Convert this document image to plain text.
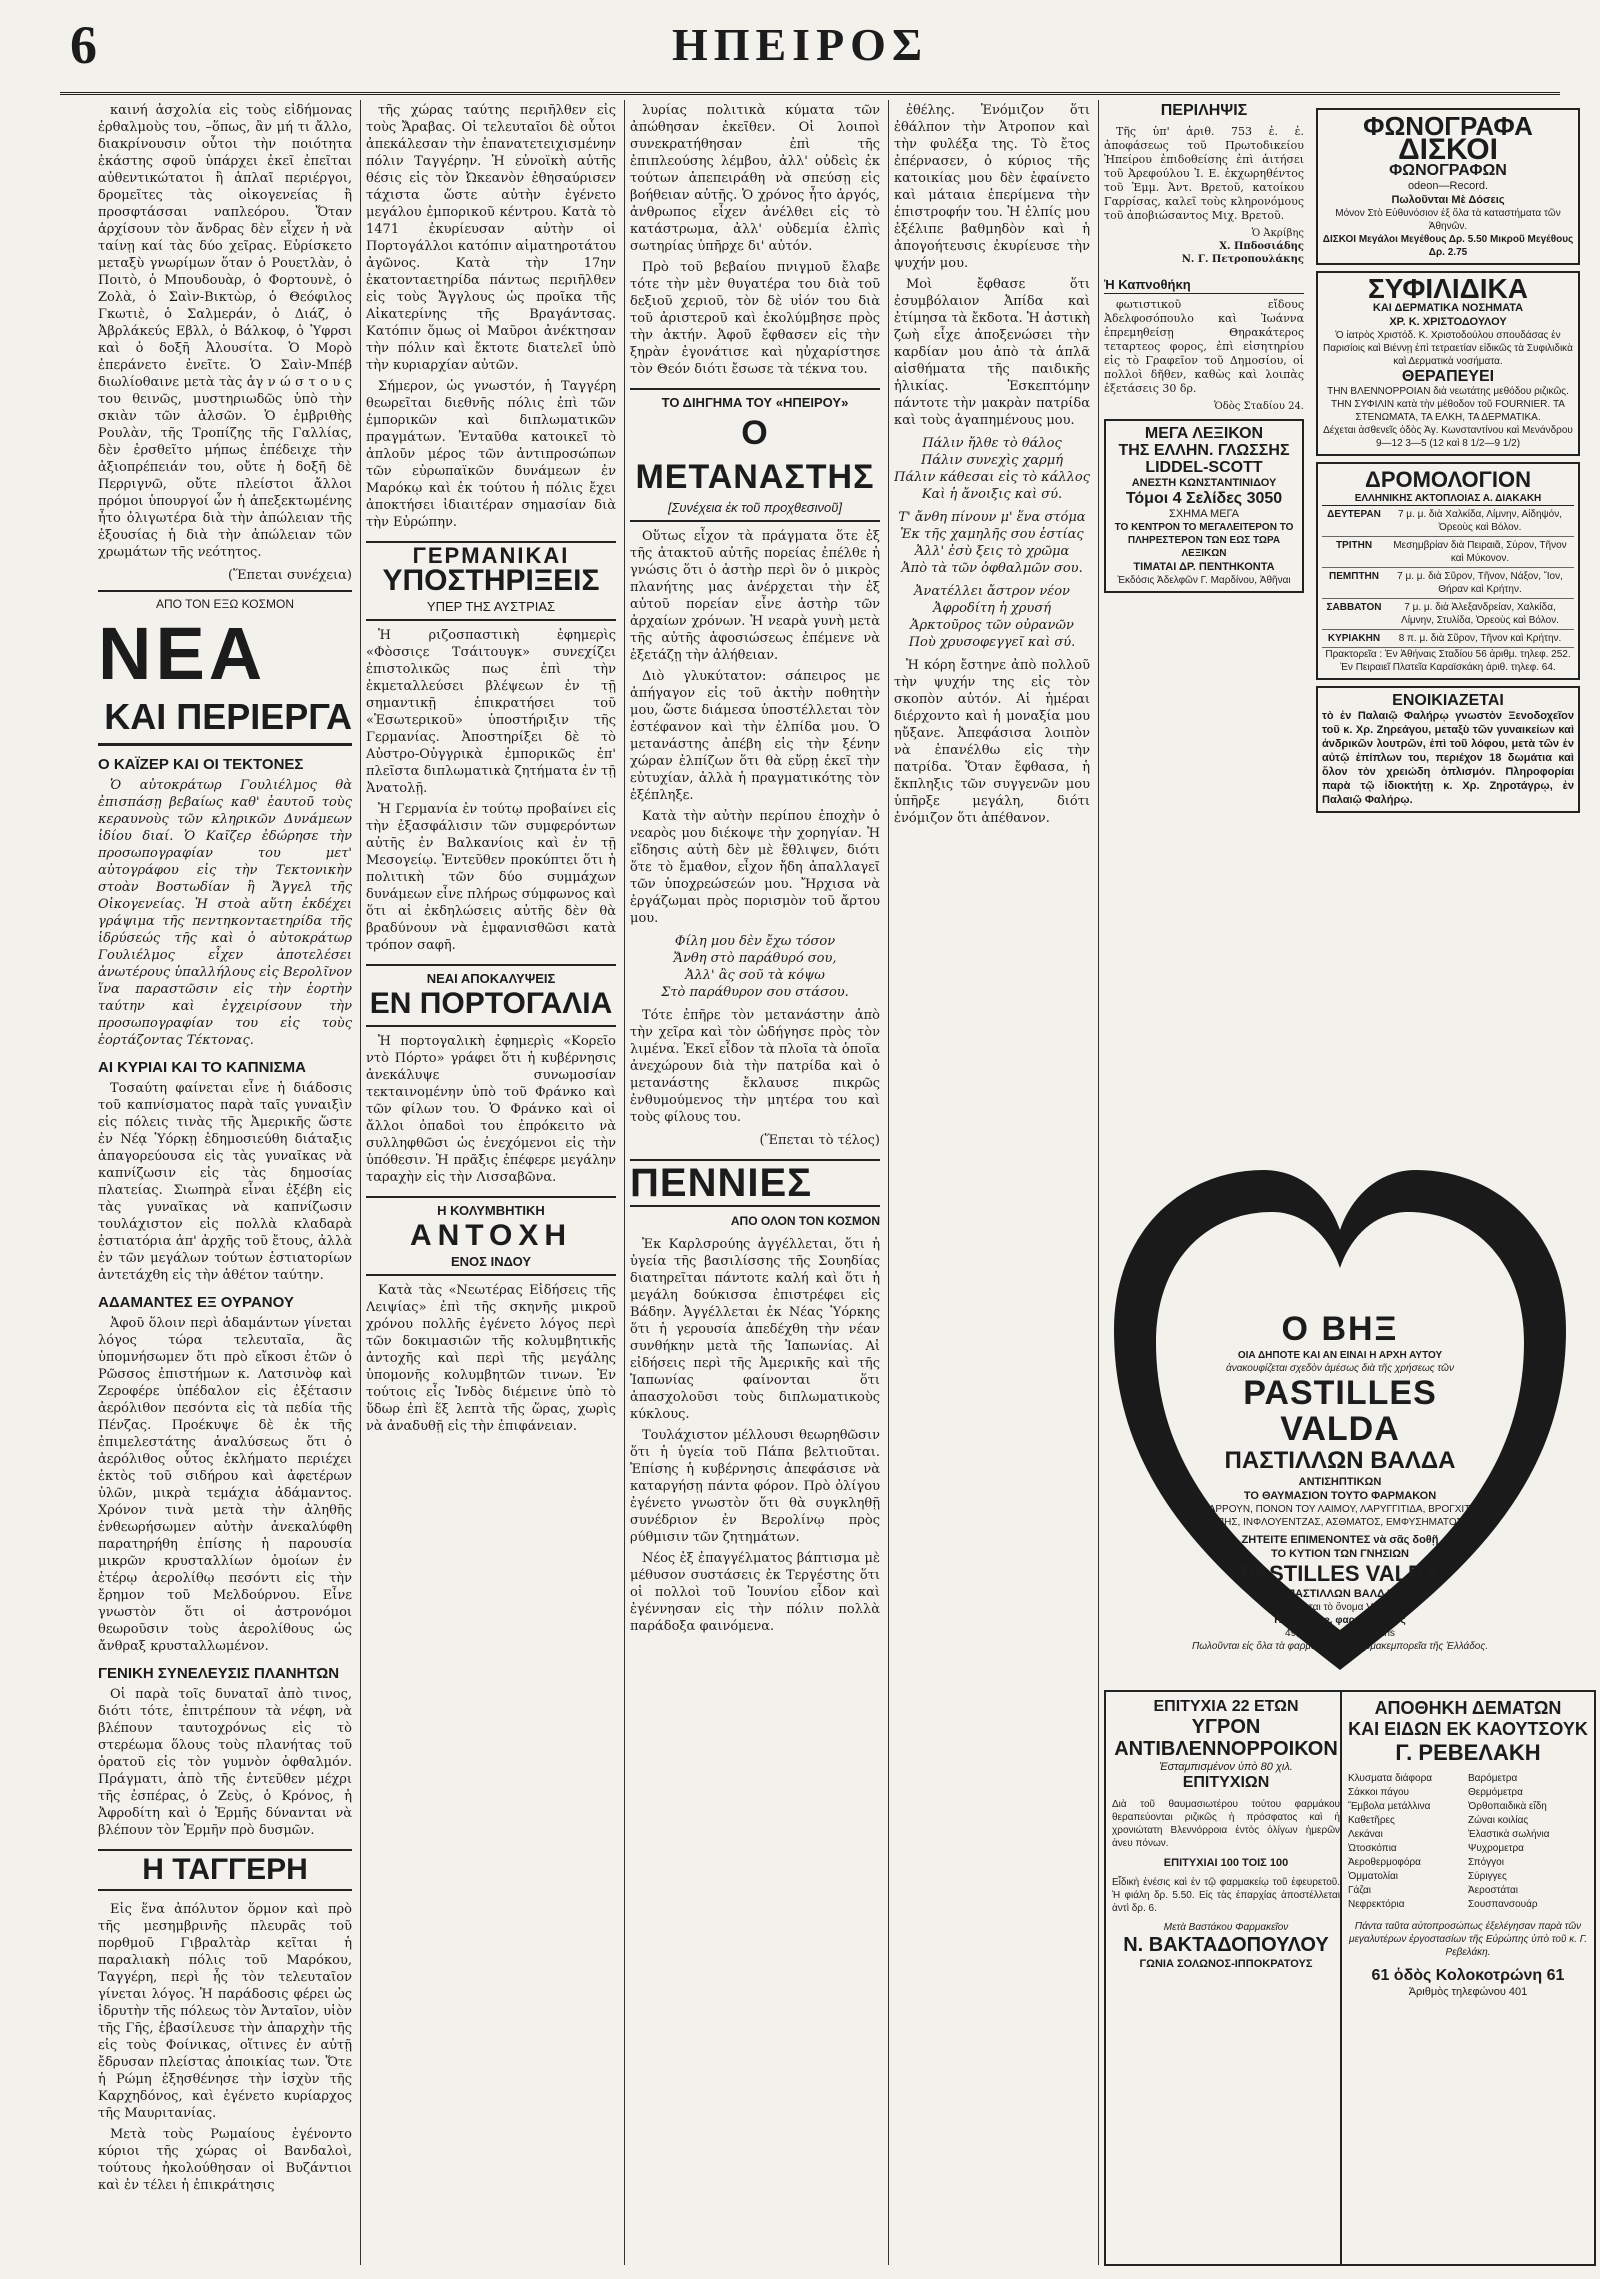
6	ΗΠΕΙΡΟΣ

καινή ἀσχολία εἰς τοὺς εἰδήμονας ἐρθαλμοὺς του, –ὅπως, ἂν μή τι ἄλλο, διακρίνουσιν οὗτοι τὴν ποιότητα ἑκάστης σφοῦ ὑπάρχει ἐκεῖ ἐπεῖται αὐθεντικώτατοι ἢ ἁπλαῖ περιέργοι, δρομεῖτες τὰς οἰκογενείας ἢ προσφτάσσαι ναπλεόρου. Ὅταν ἀρχίσουν τὸν ἄνδρας δὲν εἶχεν ἡ νὰ ταίνῃ καί τὰς δύο χεῖρας. Εὑρίσκετο μεταξὺ γνωρίμων ὅταν ὁ Ρουετλὰν, ὁ Ποιτὸ, ὁ Μπουδουὰρ, ὁ Φορτουνὲ, ὁ Ζολὰ, ὁ Σαὶν-Βικτὼρ, ὁ Θεόφιλος Γκωτιὲ, ὁ Σαλμεράν, ὁ Διάζ, ὁ Ἀβρλάκεύς Εβλλ, ὁ Βάλκοφ, ὁ Ὑφρσι καὶ ὁ δοξῆ Ἀλουσίτα. Ὁ Μορὸ ἐπεράνετο ἐνεῖτε. Ὁ Σαὶν-Μπέβ διωλίοθαινε μετὰ τὰς ἀγ ν ώ σ τ ο υ ς του θεινῶς, μυστηριωδῶς ὑπὸ τὴν σκιὰν τῶν ἀλσῶν. Ὁ ἐμβριθὴς Ρουλὰν, τῆς Τροπίζης τῆς Γαλλίας, δὲν ἐρσθεῖτο μήπως ἐπέδειχε τὴν ἀξιοπρέπειάν του, οὔτε ἡ δοξῆ δὲ Περριγνῶ, οὔτε πλείστοι ἄλλοι πρόμοι ὑπουργοί ὧν ἡ ἀπεξεκτωμένης ἦτο ὀλιγωτέρα διὰ τὴν ἀπώλειαν τῆς ἐξουσίας ἡ διὰ τὴν ἀπώλειαν τῶν χρωμάτων τῆς νεότητος.

(Ἕπεται συνέχεια)
ΑΠΟ ΤΟΝ ΕΞΩ ΚΟΣΜΟΝ
ΝΕΑ
ΚΑΙ ΠΕΡΙΕΡΓΑ
Ο ΚΑΪΖΕΡ ΚΑΙ ΟΙ ΤΕΚΤΟΝΕΣ

Ὁ αὐτοκράτωρ Γουλιέλμος θὰ ἐπισπάσῃ βεβαίως καθ' ἑαυτοῦ τοὺς κεραυνοὺς τῶν κληρικῶν Δυνάμεων ἰδίου διαί. Ὁ Καῖζερ ἐδώρησε τὴν προσωπογραφίαν του μετ' αὐτογράφου εἰς τὴν Τεκτονικὴν στοὰν Βοστωδίαν ἢ Ἄγγελ τῆς Οἰκογενείας. Ἡ στοὰ αὕτη ἐκδέχει γράψιμα τῆς πεντηκονταετηρίδα τῆς ἱδρύσεώς τῆς καὶ ὁ αὐτοκράτωρ Γουλιέλμος εἶχεν ἀποτελέσει ἀνωτέρους ὑπαλλήλους εἰς Βερολῖνον ἵνα παραστῶσιν εἰς τὴν ἑορτὴν ταύτην καὶ ἐγχειρίσουν τὴν προσωπογραφίαν του εἰς τοὺς ἑορτάζοντας Τέκτονας.

ΑΙ ΚΥΡΙΑΙ ΚΑΙ ΤΟ ΚΑΠΝΙΣΜΑ

Τοσαύτη φαίνεται εἶνε ἡ διάδοσις τοῦ καπνίσματος παρὰ ταῖς γυναιξὶν εἰς πόλεις τινὰς τῆς Ἀμερικῆς ὥστε ἐν Νέᾳ Ὑόρκῃ ἐδημοσιεύθη διάταξις ἀπαγορεύουσα εἰς τὰς γυναῖκας νὰ καπνίζωσιν εἰς τὰς δημοσίας πλατείας. Σιωπηρὰ εἶναι ἐξέβη εἰς τὰς γυναῖκας νὰ καπνίζωσιν τουλάχιστον εἰς πολλὰ κλαδαρὰ ἑστιατόρια ἀπ' ἀρχῆς τοῦ ἔτους, ἀλλὰ ἐν τῶν μεγάλων τούτων ἑστιατορίων ἀντετάχθη εἰς τὴν ἀθέτον ταύτην.

ΑΔΑΜΑΝΤΕΣ ΕΞ ΟΥΡΑΝΟΥ

Ἀφοῦ ὅλοιν περὶ ἀδαμάντων γίνεται λόγος τώρα τελευταῖα, ἂς ὑπομνήσωμεν ὅτι πρὸ εἴκοσι ἐτῶν ὁ Ρῶσσος ἐπιστήμων κ. Λατσινὸφ καὶ Ζεροφέρε ὑπέδαλον εἰς ἐξέτασιν ἀερόλιθον πεσόντα εἰς τὰ πεδία τῆς Πένζας. Προέκυψε δὲ ἐκ τῆς ἐπιμελεστάτης ἀναλύσεως ὅτι ὁ ἀερόλιθος οὗτος ἐκλήματο περιέχει ἐκτὸς τοῦ σιδήρου καὶ ἀφετέρων ὑλῶν, μικρὰ τεμάχια ἀδάμαντος. Χρόνον τινὰ μετὰ τὴν ἀληθῆς ἐνθεωρήσωμεν αὐτὴν ἀνεκαλύφθη παρατηρήθη ἐπίσης ἡ παρουσία μικρῶν κρυσταλλίων ὁμοίων ἐν ἑτέρῳ ἀερολίθῳ πεσόντι εἰς τὴν ἔρημον τοῦ Μελδούρνου. Εἶνε γνωστὸν ὅτι οἱ ἀστρονόμοι θεωροῦσιν τοὺς ἀερολίθους ὡς ἄνθραξ κρυσταλλωμένον.

ΓΕΝΙΚΗ ΣΥΝΕΛΕΥΣΙΣ ΠΛΑΝΗΤΩΝ

Οἱ παρὰ τοῖς δυναταῖ ἀπὸ τινος, διότι τότε, ἐπιτρέπουν τὰ νέφη, νὰ βλέπουν ταυτοχρόνως εἰς τὸ στερέωμα ὅλους τοὺς πλανήτας τοῦ ὁρατοῦ εἰς τὸν γυμνὸν ὀφθαλμόν. Πράγματι, ἀπὸ τῆς ἐντεῦθεν μέχρι τῆς ἐσπέρας, ὁ Ζεὺς, ὁ Κρόνος, ἡ Ἀφροδίτη καὶ ὁ Ἑρμῆς δύνανται νὰ βλέπουν τὸν Ἑρμῆν πρὸ δυσμῶν.

Η ΤΑΓΓΕΡΗ

Εἰς ἕνα ἀπόλυτον ὅρμον καὶ πρὸ τῆς μεσημβρινῆς πλευρᾶς τοῦ πορθμοῦ Γιβραλτὰρ κεῖται ἡ παραλιακὴ πόλις τοῦ Μαρόκου, Ταγγέρη, περὶ ἧς τὸν τελευταῖον γίνεται λόγος. Ἡ παράδοσις φέρει ὡς ἱδρυτὴν τῆς πόλεως τὸν Ἀνταῖον, υἱὸν τῆς Γῆς, ἐβασίλευσε τὴν ἀπαρχὴν τῆς εἰς τοὺς Φοίνικας, οἵτινες ἐν αὐτῇ ἔδρυσαν πλείστας ἀποικίας των. Ὅτε ἡ Ρώμη ἐξησθένησε τὴν ἰσχὺν τῆς Καρχηδόνος, καὶ ἐγένετο κυρίαρχος τῆς Μαυριτανίας.

Μετὰ τοὺς Ρωμαίους ἐγένοντο κύριοι τῆς χώρας οἱ Βανδαλοὶ, τούτους ἠκολούθησαν οἱ Βυζάντιοι καὶ ἐν τέλει ἡ ἐπικράτησις

τῆς χώρας ταύτης περιῆλθεν εἰς τοὺς Ἄραβας. Οἱ τελευταῖοι δὲ οὗτοι ἀπεκάλεσαν τὴν ἐπανατετειχισμένην πόλιν Ταγγέρην. Ἡ εὐνοϊκὴ αὐτῆς θέσις εἰς τὸν Ὠκεανὸν ἐθησαύρισεν τάχιστα ὥστε αὐτὴν ἐγένετο μεγάλου ἐμπορικοῦ κέντρου. Κατὰ τὸ 1471 ἐκυρίευσαν αὐτὴν οἱ Πορτογάλλοι κατόπιν αἱματηροτάτου ἀγῶνος. Κατὰ τὴν 17ην ἑκατονταετηρίδα πάντως περιῆλθεν εἰς τοὺς Ἄγγλους ὡς προῖκα τῆς Αἰκατερίνης τῆς Βραγάντσας. Κατόπιν ὅμως οἱ Μαῦροι ἀνέκτησαν τὴν πόλιν καὶ ἔκτοτε διατελεῖ ὑπὸ τὴν κυριαρχίαν αὐτῶν.

Σήμερον, ὡς γνωστόν, ἡ Ταγγέρη θεωρεῖται διεθνῆς πόλις ἐπὶ τῶν ἐμπορικῶν καὶ διπλωματικῶν πραγμάτων. Ἐνταῦθα κατοικεῖ τὸ ἁπλοῦν μέρος τῶν ἀντιπροσώπων τῶν εὐρωπαϊκῶν δυνάμεων ἐν Μαρόκῳ καὶ ἐκ τούτου ἡ πόλις ἔχει ἀποκτήσει ἰδιαιτέραν σημασίαν διὰ τὴν Εὐρώπην.

ΓΕΡΜΑΝΙΚΑΙ
ΥΠΟΣΤΗΡΙΞΕΙΣ
ΥΠΕΡ ΤΗΣ ΑΥΣΤΡΙΑΣ

Ἡ ριζοσπαστικὴ ἐφημερὶς «Φὸσσιςε Τσάιτουγκ» συνεχίζει ἐπιστολικῶς πως ἐπὶ τὴν ἐκμεταλλεύσει βλέψεων ἐν τῇ σημαντικῇ ἐπικρατήσει τοῦ «Ἐσωτερικοῦ» ὑποστήριξιν τῆς Γερμανίας. Ἀποστηρίξει δὲ τὸ Αὐστρο-Οὐγγρικὰ ἐμπορικῶς ἐπ' πλεῖστα διπλωματικὰ ζητήματα ἐν τῇ Ἀνατολῇ.

Ἡ Γερμανία ἐν τούτῳ προβαίνει εἰς τὴν ἐξασφάλισιν τῶν συμφερόντων αὐτῆς ἐν Βαλκανίοις καὶ ἐν τῇ Μεσογείῳ. Ἐντεῦθεν προκύπτει ὅτι ἡ πολιτικὴ τῶν δύο συμμάχων δυνάμεων εἶνε πλήρως σύμφωνος καὶ ὅτι αἱ ἐκδηλώσεις αὐτῆς δὲν θὰ βραδύνουν νὰ ἐμφανισθῶσι κατὰ τρόπον σαφῆ.

ΝΕΑΙ ΑΠΟΚΑΛΥΨΕΙΣ
ΕΝ ΠΟΡΤΟΓΑΛΙΑ

Ἡ πορτογαλικὴ ἐφημερὶς «Κορεῖο ντὸ Πόρτο» γράφει ὅτι ἡ κυβέρνησις ἀνεκάλυψε συνωμοσίαν τεκταινομένην ὑπὸ τοῦ Φράνκο καὶ τῶν φίλων του. Ὁ Φράνκο καὶ οἱ ἄλλοι ὀπαδοὶ του ἐπρόκειτο νὰ συλληφθῶσι ὡς ἐνεχόμενοι εἰς τὴν ὑπόθεσιν. Ἡ πρᾶξις ἐπέφερε μεγάλην ταραχὴν εἰς τὴν Λισσαβῶνα.

Η ΚΟΛΥΜΒΗΤΙΚΗ
ΑΝΤΟΧΗ
ΕΝΟΣ ΙΝΔΟΥ

Κατὰ τὰς «Νεωτέρας Εἰδήσεις τῆς Λειψίας» ἐπὶ τῆς σκηνῆς μικροῦ χρόνου πολλῆς ἐγένετο λόγος περὶ τῶν δοκιμασιῶν τῆς κολυμβητικῆς ἀντοχῆς καὶ περὶ τῆς μεγάλης ὑπομονῆς κολυμβητῶν τινων. Ἐν τούτοις εἷς Ἰνδὸς διέμεινε ὑπὸ τὸ ὕδωρ ἐπὶ ἕξ λεπτὰ τῆς ὥρας, χωρὶς νὰ ἀναδυθῇ εἰς τὴν ἐπιφάνειαν.

λυρίας πολιτικὰ κύματα τῶν ἀπώθησαν ἐκεῖθεν. Οἱ λοιποὶ συνεκρατήθησαν ἐπὶ τῆς ἐπιπλεούσης λέμβου, ἀλλ' οὐδεὶς ἐκ τούτων ἀπεπειράθη νὰ σπεύσῃ εἰς βοήθειαν αὐτῆς. Ὁ χρόνος ἦτο ἀργός, ἀνθρωπος εἶχεν ἀνέλθει εἰς τὸ κατάστρωμα, ἀλλ' οὐδεμία ἐλπὶς σωτηρίας ὑπῆρχε δι' αὐτόν.

Πρὸ τοῦ βεβαίου πνιγμοῦ ἔλαβε τότε τὴν μὲν θυγατέρα του διὰ τοῦ δεξιοῦ χεριοῦ, τὸν δὲ υἱόν του διὰ τοῦ ἀριστεροῦ καὶ ἐκολύμβησε πρὸς τὴν ἀκτήν. Ἀφοῦ ἔφθασεν εἰς τὴν ξηρὰν ἐγονάτισε καὶ ηὐχαρίστησε τὸν Θεόν διότι ἔσωσε τὰ τέκνα του.

ΤΟ ΔΙΗΓΗΜΑ ΤΟΥ «ΗΠΕΙΡΟΥ»
Ο ΜΕΤΑΝΑΣΤΗΣ
[Συνέχεια ἐκ τοῦ προχθεσινοῦ]

Οὕτως εἶχον τὰ πράγματα ὅτε ἐξ τῆς ἀτακτοῦ αὐτῆς πορείας ἐπέλθε ἡ γνώσις ὅτι ὁ ἀστὴρ περὶ ὃν ὁ μικρὸς πλανήτης μας ἀνέρχεται τὴν ἐξ αὐτοῦ πορείαν εἶνε ἀστὴρ τῶν ἀρχαίων χρόνων. Ἡ νεαρὰ γυνὴ μετὰ τῆς αὐτῆς ἀφοσιώσεως ἐπέμενε νὰ ἐξετάζῃ τὴν ἀλήθειαν.

Διὸ γλυκύτατον: σάπειρος με ἀπήγαγον εἰς τοῦ ἀκτὴν ποθητὴν μου, ὥστε διάμεσα ὑποστέλλεται τὸν ἐστέφανον καὶ τὴν ἐλπίδα μου. Ὁ μετανάστης ἀπέβη εἰς τὴν ξένην χώραν ἐλπίζων ὅτι θὰ εὕρῃ ἐκεῖ τὴν εὐτυχίαν, ἀλλὰ ἡ πραγματικότης τὸν ἐξέπληξε.

Κατὰ τὴν αὐτὴν περίπου ἐποχὴν ὁ νεαρὸς μου διέκοψε τὴν χορηγίαν. Ἡ εἴδησις αὐτὴ δὲν μὲ ἔθλιψεν, διότι ὅτε τὸ ἔμαθον, εἶχον ἤδη ἀπαλλαγεῖ τῶν ὑποχρεώσεών μου. Ἤρχισα νὰ ἐργάζωμαι πρὸς πορισμὸν τοῦ ἄρτου μου.

Φίλη μου δὲν ἔχω τόσον
Ἄνθη στὸ παράθυρό σου,
Ἀλλ' ἂς σοῦ τὰ κόψω
Στὸ παράθυρον σου στάσου.

Τότε ἐπῆρε τὸν μετανάστην ἀπὸ τὴν χεῖρα καὶ τὸν ὡδήγησε πρὸς τὸν λιμένα. Ἐκεῖ εἶδον τὰ πλοῖα τὰ ὁποῖα ἀνεχώρουν διὰ τὴν πατρίδα καὶ ὁ μετανάστης ἔκλαυσε πικρῶς ἐνθυμούμενος τὴν μητέρα του καὶ τοὺς φίλους του.

(Ἕπεται τὸ τέλος)
ΠΕΝΝΙΕΣ
ΑΠΟ ΟΛΟΝ ΤΟΝ ΚΟΣΜΟΝ

Ἐκ Καρλσρούης ἀγγέλλεται, ὅτι ἡ ὑγεία τῆς βασιλίσσης τῆς Σουηδίας διατηρεῖται πάντοτε καλή καὶ ὅτι ἡ μεγάλη δούκισσα ἐπιστρέφει εἰς Βάδην. Ἀγγέλλεται ἐκ Νέας Ὑόρκης ὅτι ἡ γερουσία ἀπεδέχθη τὴν νέαν συνθήκην μετὰ τῆς Ἰαπωνίας. Αἱ εἰδήσεις περὶ τῆς Ἀμερικῆς καὶ τῆς Ἰαπωνίας φαίνονται ὅτι ἀπασχολοῦσι τοὺς διπλωματικοὺς κύκλους.

Τουλάχιστον μέλλουσι θεωρηθῶσιν ὅτι ἡ ὑγεία τοῦ Πάπα βελτιοῦται. Ἐπίσης ἡ κυβέρνησις ἀπεφάσισε νὰ καταργήσῃ πάντα φόρον. Πρὸ ὀλίγου ἐγένετο γνωστὸν ὅτι θὰ συγκληθῇ συνέδριον ἐν Βερολίνῳ πρὸς ρύθμισιν τῶν ζητημάτων.

Νέος ἐξ ἐπαγγέλματος βάπτισμα μὲ μέθυσον συστάσεις ἐκ Τεργέστης ὅτι οἱ πολλοὶ τοῦ Ἰουνίου εἶδον καὶ ἐγέννησαν εἰς τὴν πόλιν πολλὰ παράδοξα φαινόμενα.

ἐθέλης. Ἐνόμιζον ὅτι ἐθάλπον τὴν Ἀτροπον καὶ τὴν φυλέξα της. Τὸ ἔτος ἐπέρνασεν, ὁ κύριος τῆς κατοικίας μου δὲν ἐφαίνετο καὶ μάταια ἐπερίμενα τὴν ἐπιστροφήν του. Ἡ ἐλπίς μου ἐξέλιπε βαθμηδὸν καὶ ἡ ἀπογοήτευσις ἐκυρίευσε τὴν ψυχήν μου.

Μοὶ ἔφθασε ὅτι ἐσυμβόλαιον Ἀπίδα καὶ ἐτίμησα τὰ ἔκδοτα. Ἡ ἀστικὴ ζωὴ εἶχε ἀποξενώσει τὴν καρδίαν μου ἀπὸ τὰ ἁπλᾶ αἰσθήματα τῆς παιδικῆς ἡλικίας. Ἐσκεπτόμην πάντοτε τὴν μακρὰν πατρίδα καὶ τοὺς ἀγαπημένους μου.

Πάλιν ἤλθε τὸ θάλος
Πάλιν συνεχὶς χαρμή
Πάλιν κάθεσαι εἰς τὸ κάλλος
Καὶ ἡ ἄνοιξις καὶ σύ.
Τ' ἄνθη πίνουν μ' ἕνα στόμα
Ἐκ τῆς χαμηλῆς σου ἑστίας
Ἀλλ' ἐσὺ ξεις τὸ χρῶμα
Ἀπὸ τὰ τῶν ὀφθαλμῶν σου.
Ἀνατέλλει ἄστρον νέον
Ἀφροδίτη ἡ χρυσή
Ἀρκτοῦρος τῶν οὐρανῶν
Ποὺ χρυσοφεγγεῖ καὶ σύ.

Ἡ κόρη ἔστηνε ἀπὸ πολλοῦ τὴν ψυχήν της εἰς τὸν σκοπὸν αὐτόν. Αἱ ἡμέραι διέρχοντο καὶ ἡ μοναξία μου ηὔξανε. Ἀπεφάσισα λοιπὸν νὰ ἐπανέλθω εἰς τὴν πατρίδα. Ὅταν ἔφθασα, ἡ ἔκπληξις τῶν συγγενῶν μου ὑπῆρξε μεγάλη, διότι ἐνόμιζον ὅτι ἀπέθανον.

ΠΕΡΙΛΗΨΙΣ

Τῆς ὑπ' ἀριθ. 753 ἐ. ἐ. ἀποφάσεως τοῦ Πρωτοδικείου Ἠπείρου ἐπιδοθείσης ἐπὶ ἀιτήσει τοῦ Ἀρεφούλου Ἰ. Ε. ἐκχωρηθέντος τοῦ Ἐμμ. Ἀντ. Βρετοῦ, κατοίκου Γαρρίσας, καλεῖ τοὺς κληρονόμους τοῦ ἀποβιώσαντος Μιχ. Βρετοῦ.

Ὁ Ἀκρίβης
Χ. Ππδοσιάδης
Ν. Γ. Πετροπουλάκης
Ἡ Καπνοθήκη

φωτιστικοῦ εἴδους Ἀδελφοσόπουλο καὶ Ἰωάννα ἐπρεμηθείσῃ Θηρακάτερος τεταρτεος φορος, ἐπὶ εἰσητηρίου εἰς τὸ Γραφεῖον τοῦ Δημοσίου, οἱ πολλοὶ δῆθεν, καθὼς καὶ λοιπὰς ἐξετάσεις 30 δρ.

Ὁδὸς Σταδίου 24.
ΜΕΓΑ ΛΕΞΙΚΟΝ
ΤΗΣ ΕΛΛΗΝ. ΓΛΩΣΣΗΣ
LIDDEL-SCOTT
ΑΝΕΣΤΗ ΚΩΝΣΤΑΝΤΙΝΙΔΟΥ
Τόμοι 4 Σελίδες 3050
ΣΧΗΜΑ ΜΕΓΑ
ΤΟ ΚΕΝΤΡΟΝ ΤΟ ΜΕΓΑΛΕΙΤΕΡΟΝ ΤΟ ΠΛΗΡΕΣΤΕΡΟΝ ΤΩΝ ΕΩΣ ΤΩΡΑ ΛΕΞΙΚΩΝ
ΤΙΜΑΤΑΙ ΔΡ. ΠΕΝΤΗΚΟΝΤΑ
Ἐκδόσις Ἀδελφῶν Γ. Μαρδίνου, Ἀθῆναι
ΦΩΝΟΓΡΑΦΑ
ΔΙΣΚΟΙ
ΦΩΝΟΓΡΑΦΩΝ
odeon—Record.
Πωλοῦνται Μὲ Δόσεις
Μόνον Στὸ Εὐθυνόσιον ἐξ ὅλα τὰ καταστήματα τῶν Ἀθηνῶν.
ΔΙΣΚΟΙ Μεγάλοι Μεγέθους Δρ. 5.50 Μικροῦ Μεγέθους Δρ. 2.75
ΣΥΦΙΛΙΔΙΚΑ
ΚΑΙ ΔΕΡΜΑΤΙΚΑ ΝΟΣΗΜΑΤΑ
ΧΡ. Κ. ΧΡΙΣΤΟΔΟΥΛΟΥ
Ὁ ἰατρὸς Χριστόδ. Κ. Χριστοδούλου σπουδάσας ἐν Παρισίοις καὶ Βιέννῃ ἐπὶ τετραετίαν εἰδικῶς τὰ Συφιλιδικὰ καὶ Δερματικὰ νοσήματα.
ΘΕΡΑΠΕΥΕΙ
ΤΗΝ ΒΛΕΝΝΟΡΡΟΙΑΝ διὰ νεωτάτης μεθόδου ριζικῶς. ΤΗΝ ΣΥΦΙΛΙΝ κατὰ τὴν μέθοδον τοῦ FOURNIER. ΤΑ ΣΤΕΝΩΜΑΤΑ, ΤΑ ΕΛΚΗ, ΤΑ ΔΕΡΜΑΤΙΚΑ.
Δέχεται ἀσθενεῖς ὁδὸς Ἁγ. Κωνσταντίνου καὶ Μενάνδρου 9—12 3—5 (12 καὶ 8 1/2—9 1/2)
ΔΡΟΜΟΛΟΓΙΟΝ
ΕΛΛΗΝΙΚΗΣ ΑΚΤΟΠΛΟΙΑΣ Α. ΔΙΑΚΑΚΗ
ΔΕΥΤΕΡΑΝ	7 μ. μ. διὰ Χαλκίδα, Λίμνην, Αἰδηψόν, Ὀρεοὺς καὶ Βόλον.
ΤΡΙΤΗΝ	Μεσημβρίαν διὰ Πειραιᾶ, Σύρον, Τῆνον καὶ Μύκονον.
ΠΕΜΠΤΗΝ	7 μ. μ. διὰ Σῦρον, Τῆνον, Νάξον, Ἴον, Θήραν καὶ Κρήτην.
ΣΑΒΒΑΤΟΝ	7 μ. μ. διὰ Ἀλεξανδρείαν, Χαλκίδα, Λίμνην, Στυλίδα, Ὀρεοὺς καὶ Βόλον.
ΚΥΡΙΑΚΗΝ	8 π. μ. διὰ Σῦρον, Τῆνον καὶ Κρήτην.
Πρακτορεῖα : Ἐν Ἀθήναις Σταδίου 56 ἀριθμ. τηλεφ. 252. Ἐν Πειραιεῖ Πλατεῖα Καραϊσκάκη ἀριθ. τηλεφ. 64.
ΕΝΟΙΚΙΑΖΕΤΑΙ
τὸ ἐν Παλαιῷ Φαλήρῳ γνωστὸν Ξενοδοχεῖον τοῦ κ. Χρ. Ζηρεάγου, μεταξὺ τῶν γυναικείων καὶ ἀνδρικῶν λουτρῶν, ἐπὶ τοῦ λόφου, μετὰ τῶν ἐν αὐτῷ ἐπίπλων του, περιέχον 18 δωμάτια καὶ ὅλον τὸν χρειώδη ὁπλισμόν. Πληροφορίαι παρὰ τῷ ἰδιοκτήτῃ κ. Χρ. Ζηροτάγρῳ, ἐν Παλαιῷ Φαλήρῳ.
Ο ΒΗΞ
ΟΙΑ ΔΗΠΟΤΕ ΚΑΙ ΑΝ ΕΙΝΑΙ Η ΑΡΧΗ ΑΥΤΟΥ
ἀνακουφίζεται σχεδὸν ἀμέσως διὰ τῆς χρήσεως τῶν
PASTILLES VALDA
ΠΑΣΤΙΛΛΩΝ ΒΑΛΔΑ
ΑΝΤΙΣΗΠΤΙΚΩΝ
ΤΟ ΘΑΥΜΑΣΙΟΝ ΤΟΥΤΟ ΦΑΡΜΑΚΟΝ
ΚΑΤΑΡΡΟΥΝ, ΠΟΝΟΝ ΤΟΥ ΛΑΙΜΟΥ, ΛΑΡΥΓΓΙΤΙΔΑ, ΒΡΟΓΧΙΤΙΔΑ, ΓΡΙΠΠΗΣ, ΙΝΦΛΟΥΕΝΤΖΑΣ, ΑΣΘΜΑΤΟΣ, ΕΜΦΥΣΗΜΑΤΟΣ κλπ.
ΖΗΤΕΙΤΕ ΕΠΙΜΕΝΟΝΤΕΣ νὰ σᾶς δοθῇ
ΤΟ ΚΥΤΙΟΝ ΤΩΝ ΓΝΗΣΙΩΝ
PASTILLES VALDA
ΠΑΣΤΙΛΛΩΝ ΒΑΛΔΑ
φέρονται τὸ ὄνομα VALDA
H. Canonne, φαρμακοποιὸς
49, ὁδὸς Réaumur, Paris
Πωλοῦνται εἰς ὅλα τὰ φαρμακεῖα καὶ φαρμακεμπορεῖα τῆς Ἑλλάδος.
ΕΠΙΤΥΧΙΑ 22 ΕΤΩΝ
ΥΓΡΟΝ ΑΝΤΙΒΛΕΝΝΟΡΡΟΙΚΟΝ
Ἐσταμπισμένον ὑπὸ 80 χιλ.
ΕΠΙΤΥΧΙΩΝ
Διὰ τοῦ θαυμασιωτέρου τούτου φαρμάκου θεραπεύονται ριζικῶς ἡ πρόσφατος καὶ ἡ χρονιώτατη Βλεννόρροια ἐντὸς ὀλίγων ἡμερῶν ἀνευ πόνων.
ΕΠΙΤΥΧΙΑΙ 100 ΤΟΙΣ 100
Εἶδικὴ ἐνέσις καὶ ἐν τῷ φαρμακείῳ τοῦ ἐφευρετοῦ. Ἡ φιάλη δρ. 5.50. Εἰς τὰς ἐπαρχίας ἀποστέλλεται ἀντὶ δρ. 6.
Μετὰ Βαστάκου Φαρμακεῖον
Ν. ΒΑΚΤΑΔΟΠΟΥΛΟΥ
ΓΩΝΙΑ ΣΟΛΩΝΟΣ-ΙΠΠΟΚΡΑΤΟΥΣ
ΑΠΟΘΗΚΗ ΔΕΜΑΤΩΝ
ΚΑΙ ΕΙΔΩΝ ΕΚ ΚΑΟΥΤΣΟΥΚ
Γ. ΡΕΒΕΛΑΚΗ
Κλυσματα διάφορα	Βαρόμετρα
Σάκκοι πάγου	Θερμόμετρα
Ἔμβολα μετάλλινα	Ὀρθοπαιδικὰ εἴδη
Καθετῆρες	Ζώναι κοιλίας
Λεκάναι	Ἐλαστικὰ σωλήνια
Ὠτοσκόπια	Ψυχρομετρα
Ἀεροθερμοφόρα	Σπόγγοι
Ὀμματολίαι	Σύριγγες
Γάζαι	Ἀεροστάται
Νεφρεκτόρια	Σουσπανσουάρ
Πάντα ταῦτα αὐτοπροσώπως ἐξελέγησαν παρὰ τῶν μεγαλυτέρων ἐργοστασίων τῆς Εὐρώπης ὑπὸ τοῦ κ. Γ. Ρεβελάκη.
61 ὁδὸς Κολοκοτρώνη 61
Ἀριθμὸς τηλεφώνου 401
